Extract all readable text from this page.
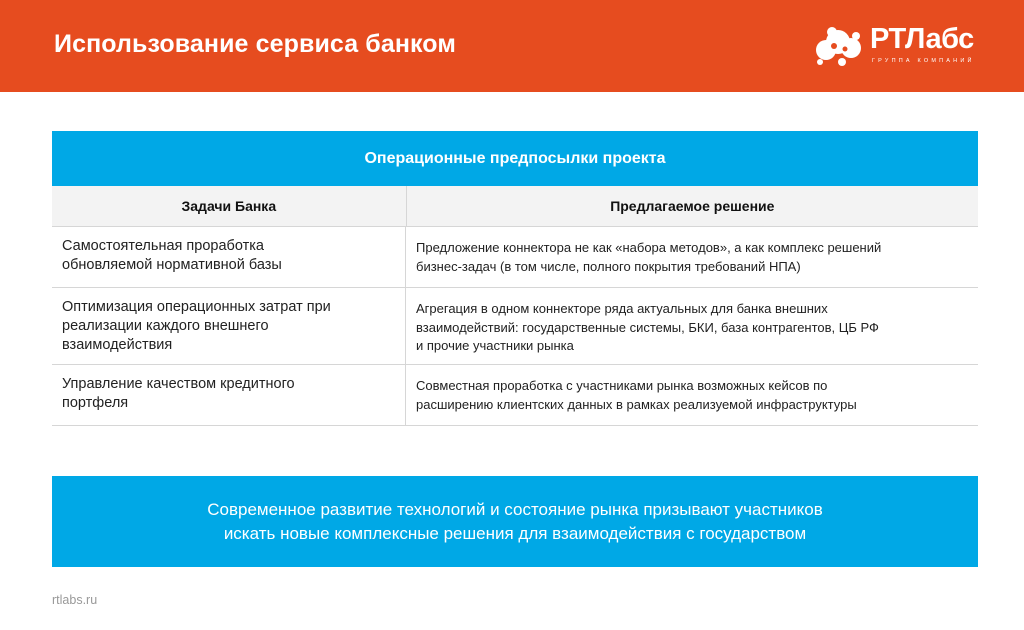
Использование сервиса банком	РТЛабс
ГРУППА КОМПАНИЙ
Операционные предпосылки проекта
Задачи Банка	Предлагаемое решение
Самостоятельная проработка
обновляемой нормативной базы
Предложение коннектора не как «набора методов», а как комплекс решений
бизнес-задач (в том числе, полного покрытия требований НПА)
Оптимизация операционных затрат при
реализации каждого внешнего
взаимодействия
Агрегация в одном коннекторе ряда актуальных для банка внешних
взаимодействий: государственные системы, БКИ, база контрагентов, ЦБ РФ
и прочие участники рынка
Управление качеством кредитного
портфеля
Совместная проработка с участниками рынка возможных кейсов по
расширению клиентских данных в рамках реализуемой инфраструктуры
Современное развитие технологий и состояние рынка призывают участников
искать новые комплексные решения для взаимодействия с государством
rtlabs.ru
